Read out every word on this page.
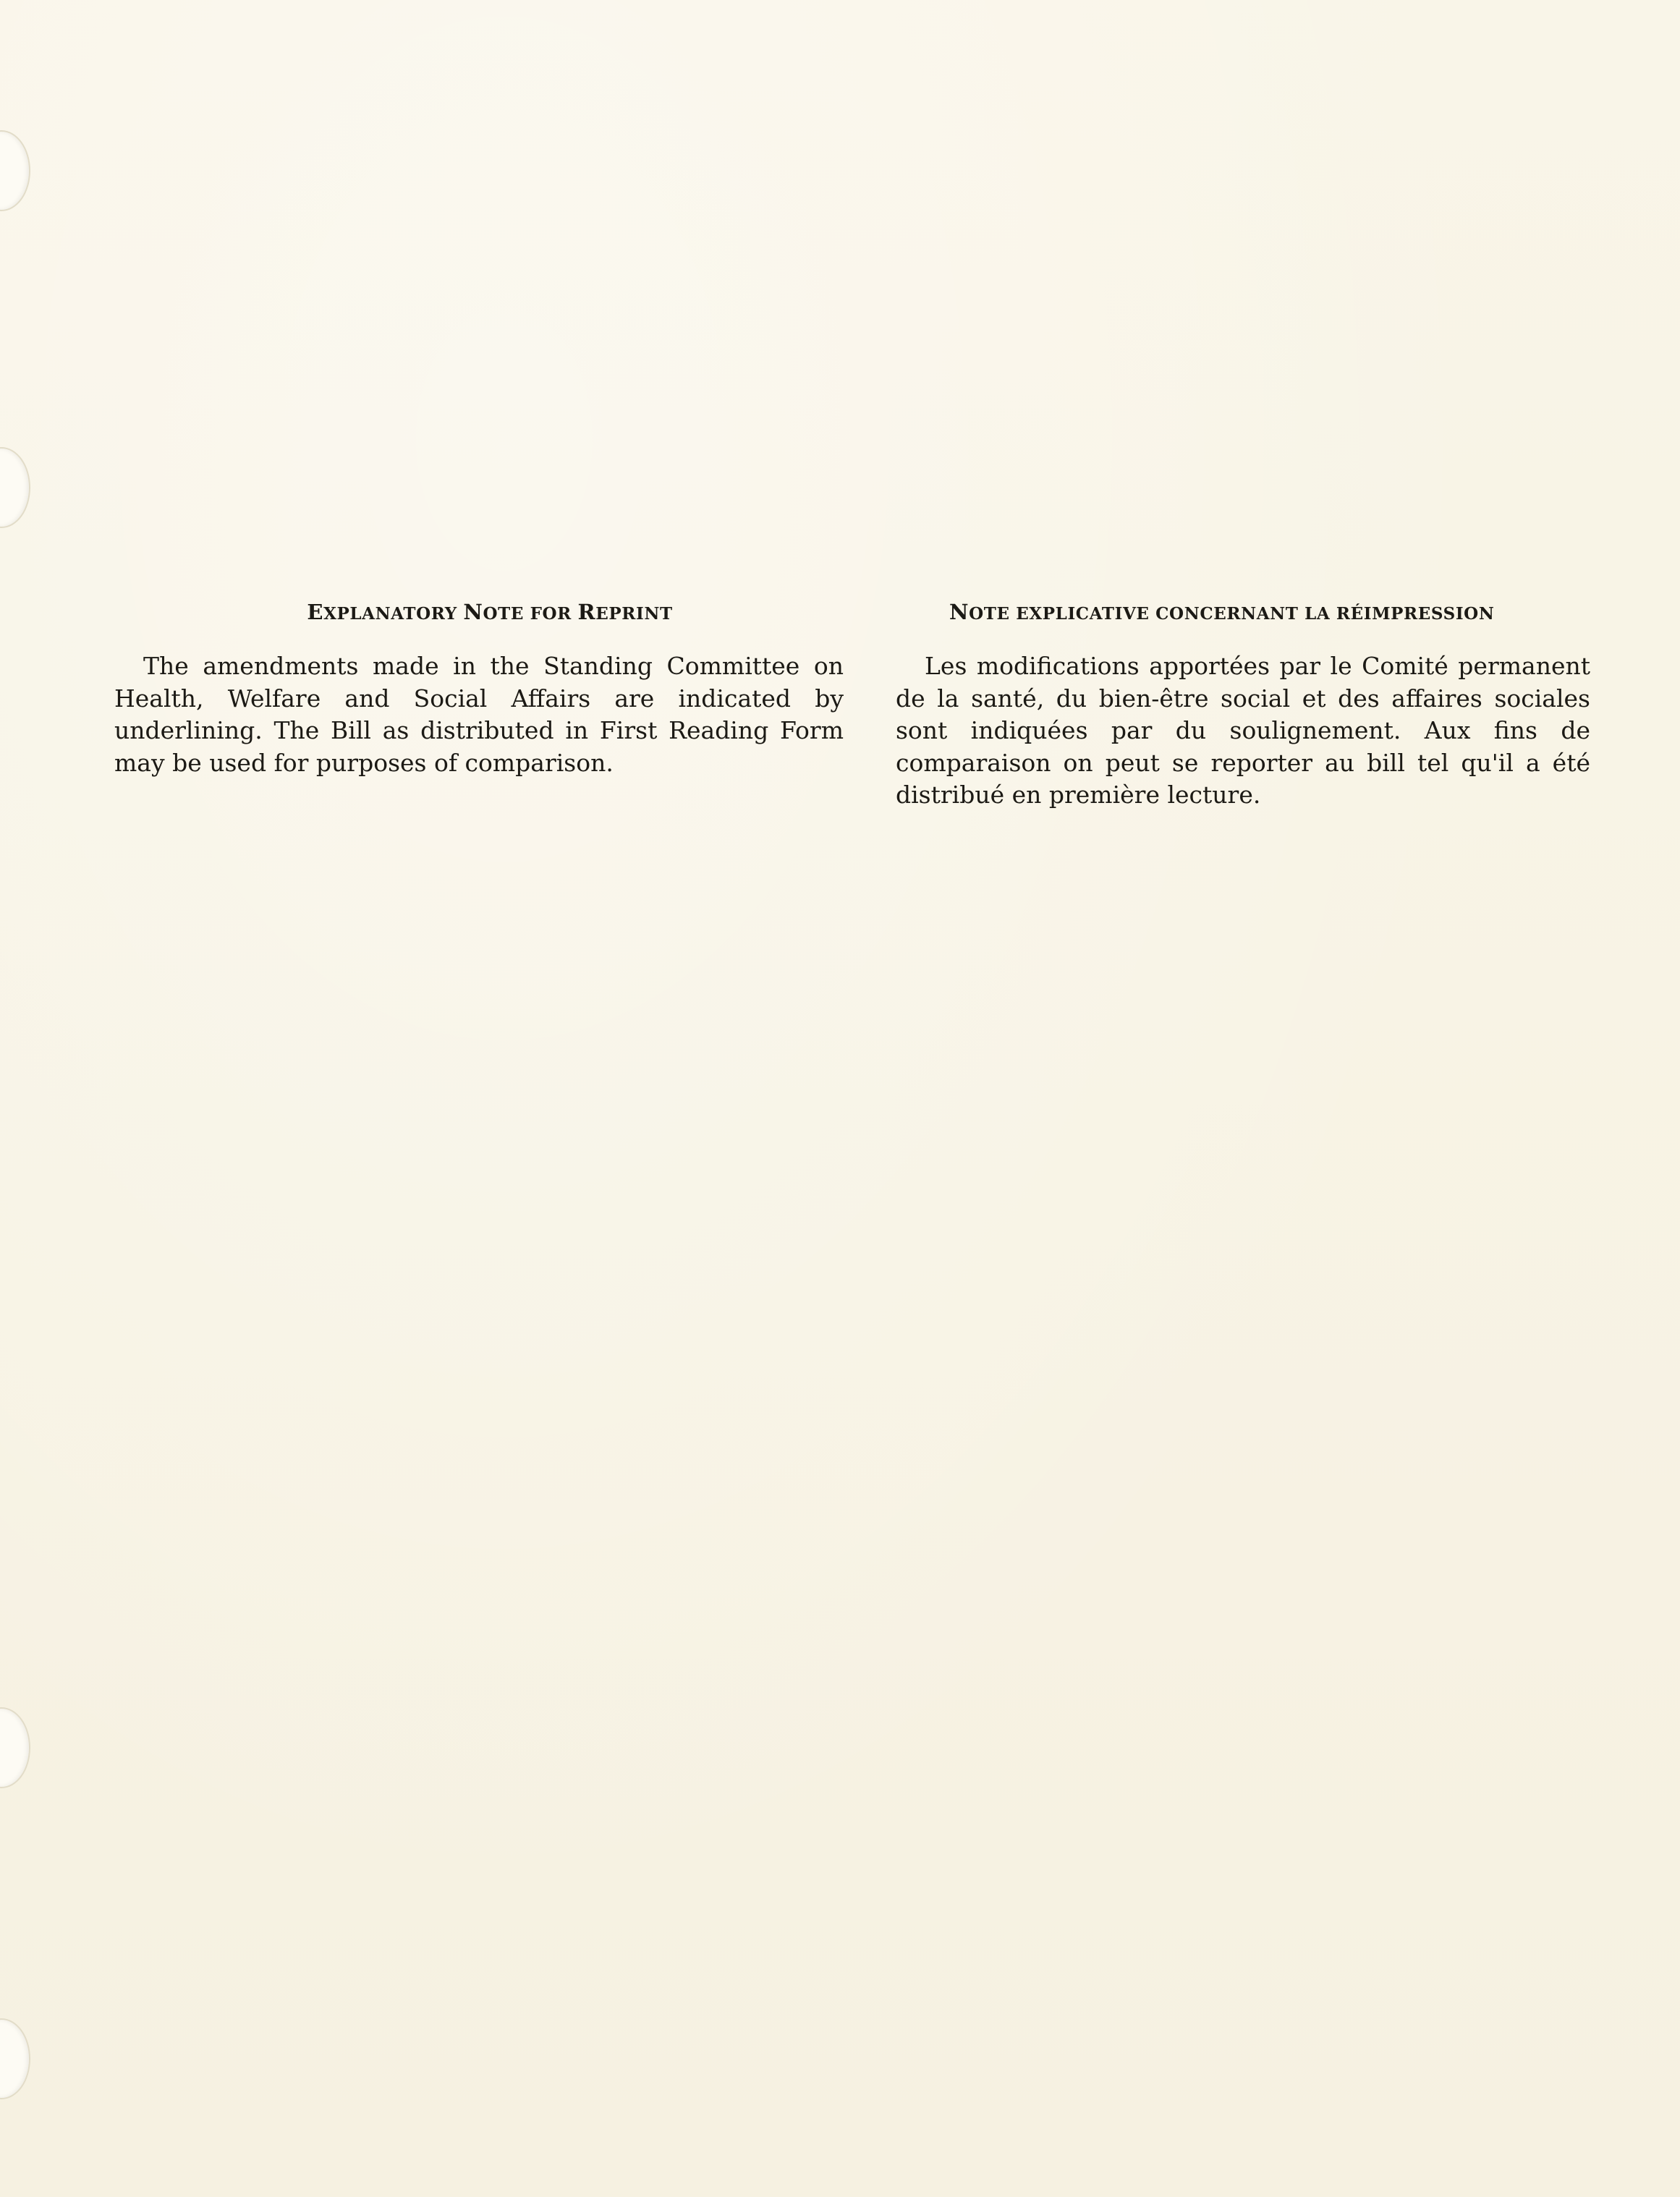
EXPLANATORY NOTE FOR REPRINT

The amendments made in the Standing Committee on Health, Welfare and Social Affairs are indicated by underlining. The Bill as distributed in First Reading Form may be used for purposes of comparison.

NOTE EXPLICATIVE CONCERNANT LA RÉIMPRESSION

Les modifications apportées par le Comité permanent de la santé, du bien-être social et des affaires sociales sont indiquées par du soulignement. Aux fins de comparaison on peut se reporter au bill tel qu'il a été distribué en première lecture.
